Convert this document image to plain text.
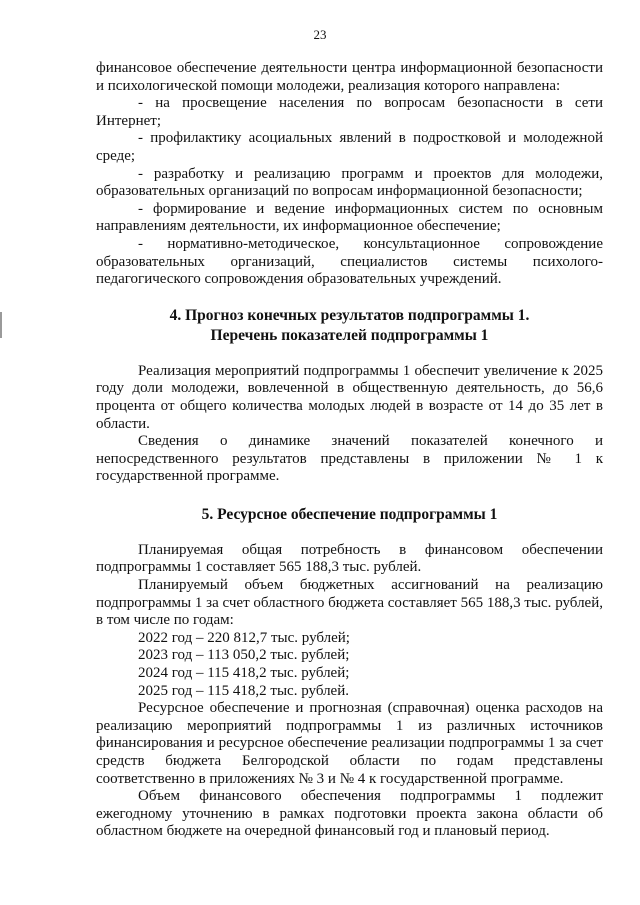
23

финансовое обеспечение деятельности центра информационной безопасности и психологической помощи молодежи, реализация которого направлена:

- на просвещение населения по вопросам безопасности в сети Интернет;

- профилактику асоциальных явлений в подростковой и молодежной среде;

- разработку и реализацию программ и проектов для молодежи, образовательных организаций по вопросам информационной безопасности;

- формирование и ведение информационных систем по основным направлениям деятельности, их информационное обеспечение;

- нормативно-методическое, консультационное сопровождение образовательных организаций, специалистов системы психолого-педагогического сопровождения образовательных учреждений.

4. Прогноз конечных результатов подпрограммы 1.

Перечень показателей подпрограммы 1

Реализация мероприятий подпрограммы 1 обеспечит увеличение к 2025 году доли молодежи, вовлеченной в общественную деятельность, до 56,6 процента от общего количества молодых людей в возрасте от 14 до 35 лет в области.

Сведения о динамике значений показателей конечного и непосредственного результатов представлены в приложении № 1 к государственной программе.

5. Ресурсное обеспечение подпрограммы 1

Планируемая общая потребность в финансовом обеспечении подпрограммы 1 составляет 565 188,3 тыс. рублей.

Планируемый объем бюджетных ассигнований на реализацию подпрограммы 1 за счет областного бюджета составляет 565 188,3 тыс. рублей, в том числе по годам:

2022 год – 220 812,7 тыс. рублей;

2023 год – 113 050,2 тыс. рублей;

2024 год – 115 418,2 тыс. рублей;

2025 год – 115 418,2 тыс. рублей.

Ресурсное обеспечение и прогнозная (справочная) оценка расходов на реализацию мероприятий подпрограммы 1 из различных источников финансирования и ресурсное обеспечение реализации подпрограммы 1 за счет средств бюджета Белгородской области по годам представлены соответственно в приложениях № 3 и № 4 к государственной программе.

Объем финансового обеспечения подпрограммы 1 подлежит ежегодному уточнению в рамках подготовки проекта закона области об областном бюджете на очередной финансовый год и плановый период.
